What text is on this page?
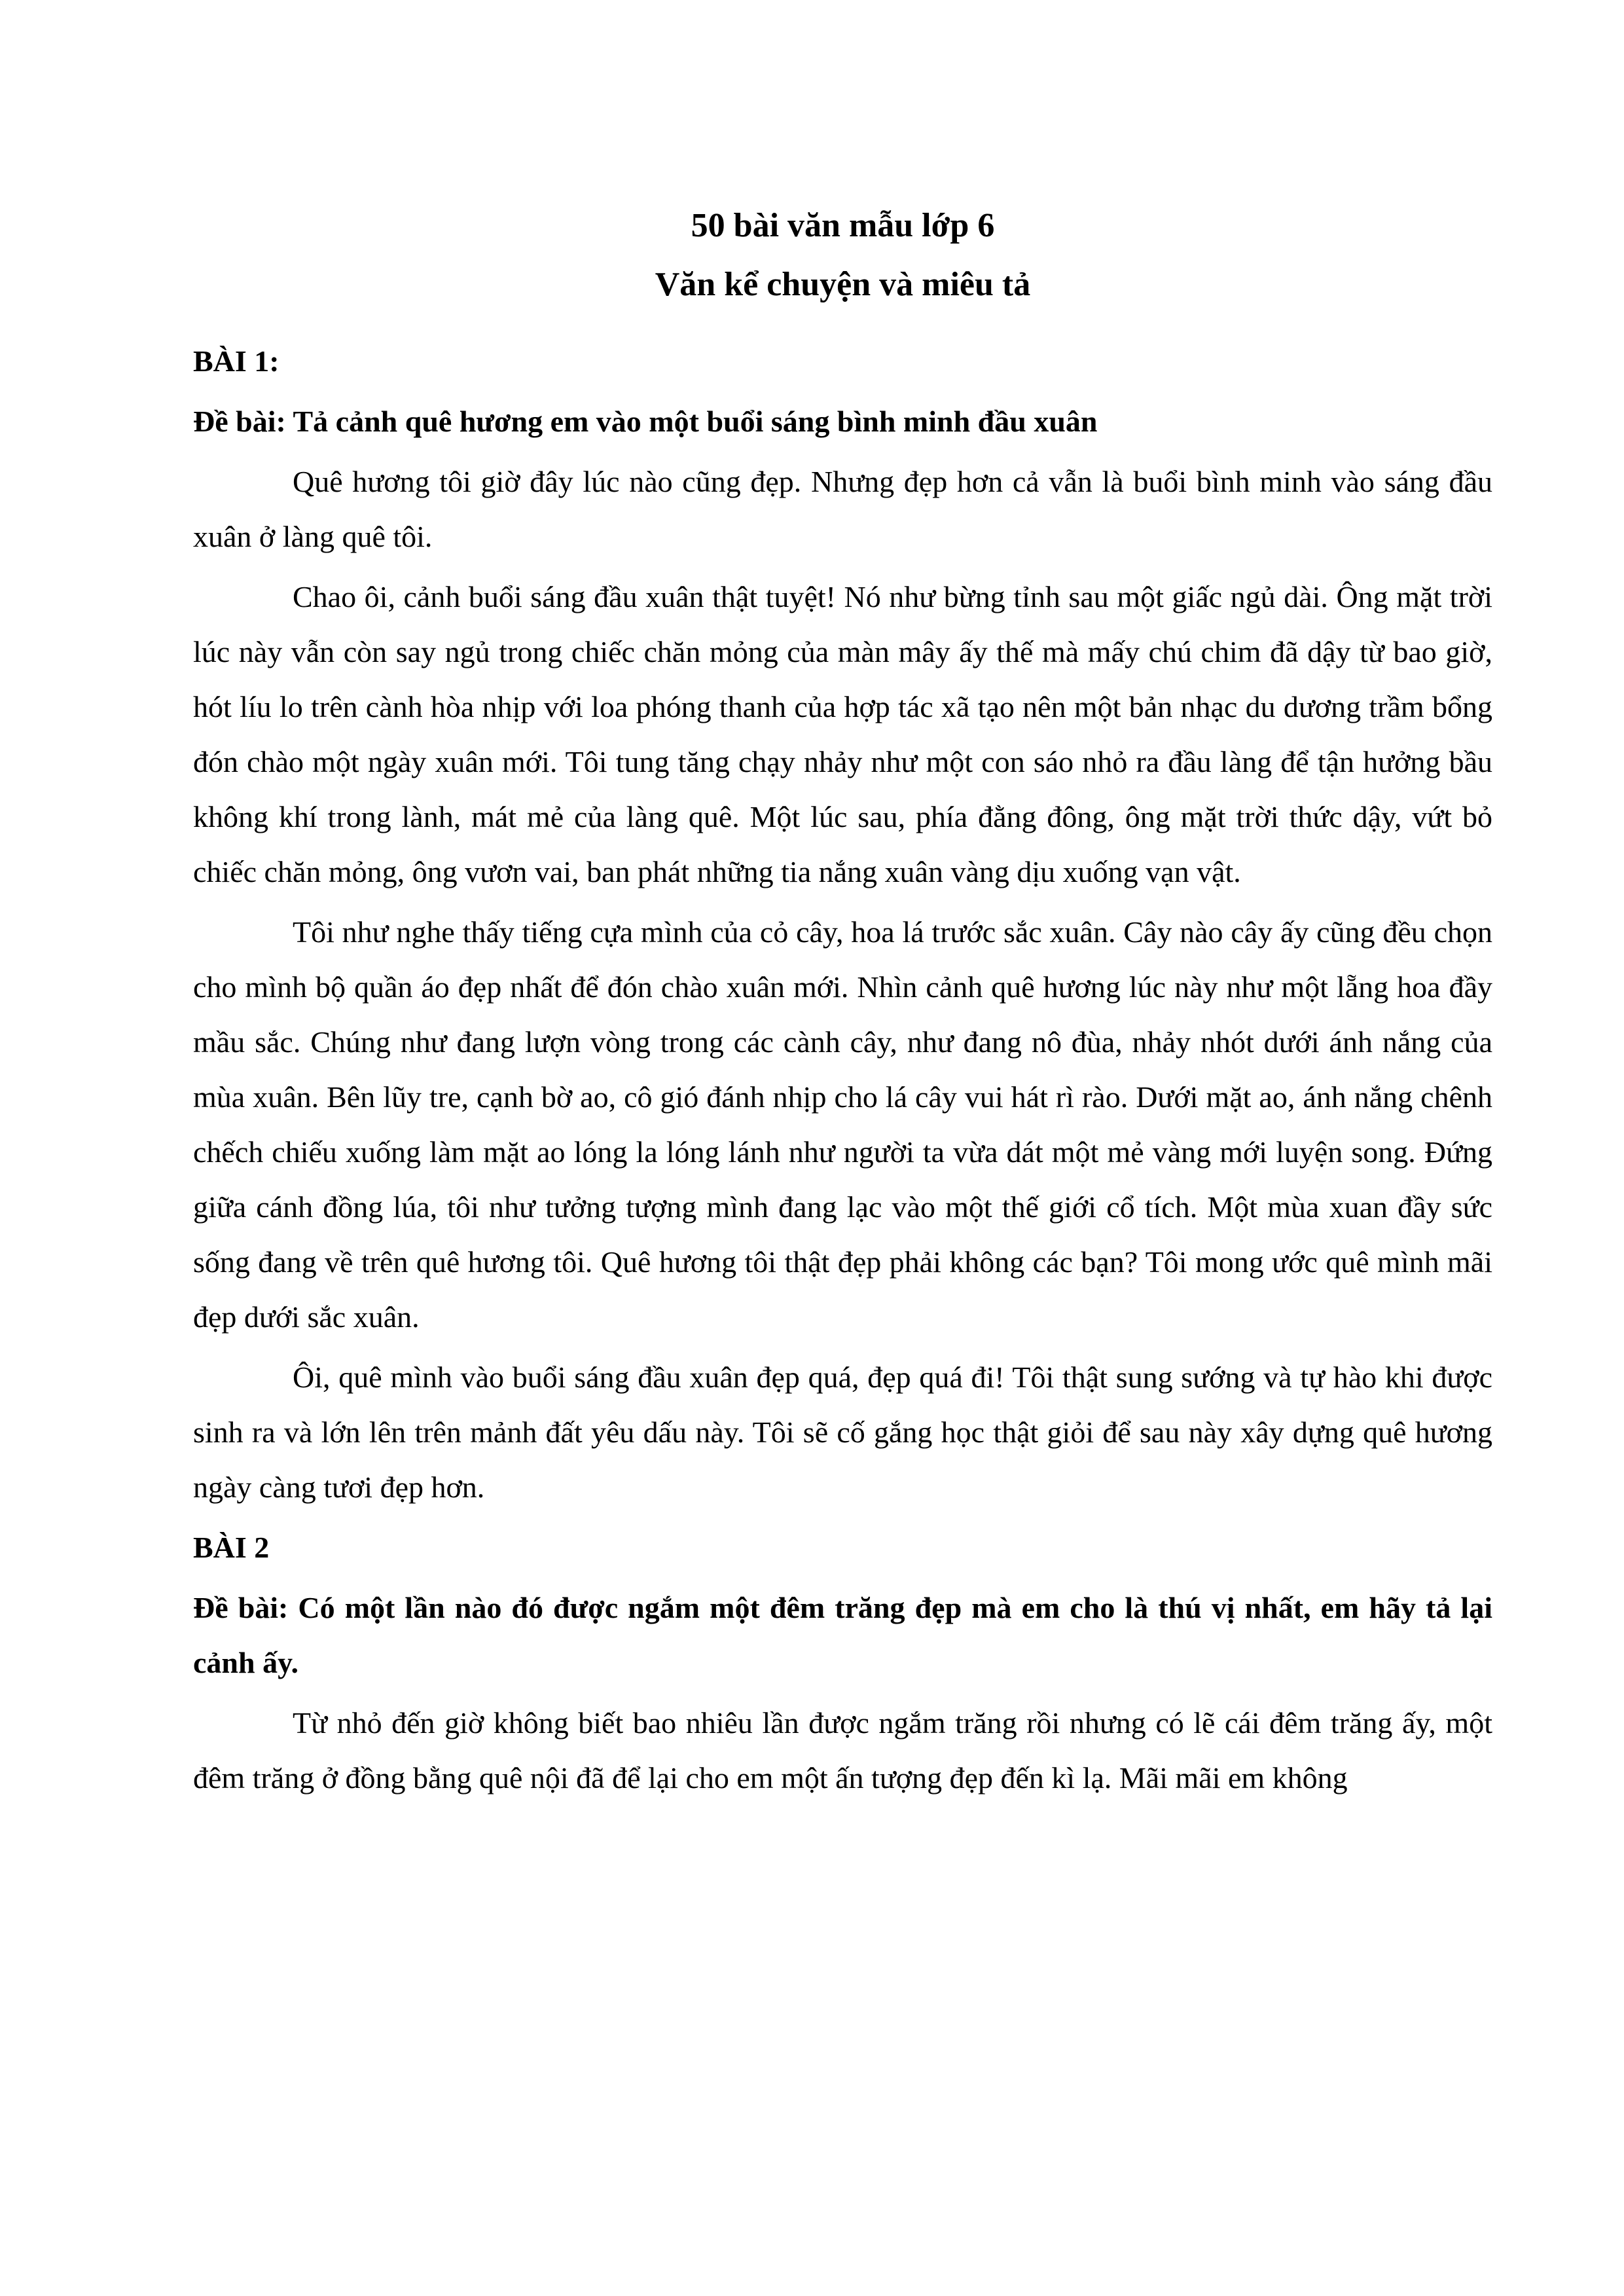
50 bài văn mẫu lớp 6
Văn kể chuyện và miêu tả

BÀI 1:

Đề bài: Tả cảnh quê hương em vào một buổi sáng bình minh đầu xuân

Quê hương tôi giờ đây lúc nào cũng đẹp. Nhưng đẹp hơn cả vẫn là buổi bình minh vào sáng đầu xuân ở làng quê tôi.

Chao ôi, cảnh buổi sáng đầu xuân thật tuyệt! Nó như bừng tỉnh sau một giấc ngủ dài. Ông mặt trời lúc này vẫn còn say ngủ trong chiếc chăn mỏng của màn mây ấy thế mà mấy chú chim đã dậy từ bao giờ, hót líu lo trên cành hòa nhịp với loa phóng thanh của hợp tác xã tạo nên một bản nhạc du dương trầm bổng đón chào một ngày xuân mới. Tôi tung tăng chạy nhảy như một con sáo nhỏ ra đầu làng để tận hưởng bầu không khí trong lành, mát mẻ của làng quê. Một lúc sau, phía đằng đông, ông mặt trời thức dậy, vứt bỏ chiếc chăn mỏng, ông vươn vai, ban phát những tia nắng xuân vàng dịu xuống vạn vật.

Tôi như nghe thấy tiếng cựa mình của cỏ cây, hoa lá trước sắc xuân. Cây nào cây ấy cũng đều chọn cho mình bộ quần áo đẹp nhất để đón chào xuân mới. Nhìn cảnh quê hương lúc này như một lẵng hoa đầy mầu sắc. Chúng như đang lượn vòng trong các cành cây, như đang nô đùa, nhảy nhót dưới ánh nắng của mùa xuân. Bên lũy tre, cạnh bờ ao, cô gió đánh nhịp cho lá cây vui hát rì rào. Dưới mặt ao, ánh nắng chênh chếch chiếu xuống làm mặt ao lóng la lóng lánh như người ta vừa dát một mẻ vàng mới luyện song. Đứng giữa cánh đồng lúa, tôi như tưởng tượng mình đang lạc vào một thế giới cổ tích. Một mùa xuan đầy sức sống đang về trên quê hương tôi. Quê hương tôi thật đẹp phải không các bạn? Tôi mong ước quê mình mãi đẹp dưới sắc xuân.

Ôi, quê mình vào buổi sáng đầu xuân đẹp quá, đẹp quá đi! Tôi thật sung sướng và tự hào khi được sinh ra và lớn lên trên mảnh đất yêu dấu này. Tôi sẽ cố gắng học thật giỏi để sau này xây dựng quê hương ngày càng tươi đẹp hơn.

BÀI 2

Đề bài: Có một lần nào đó được ngắm một đêm trăng đẹp mà em cho là thú vị nhất, em hãy tả lại cảnh ấy.

Từ nhỏ đến giờ không biết bao nhiêu lần được ngắm trăng rồi nhưng có lẽ cái đêm trăng ấy, một đêm trăng ở đồng bằng quê nội đã để lại cho em một ấn tượng đẹp đến kì lạ. Mãi mãi em không
